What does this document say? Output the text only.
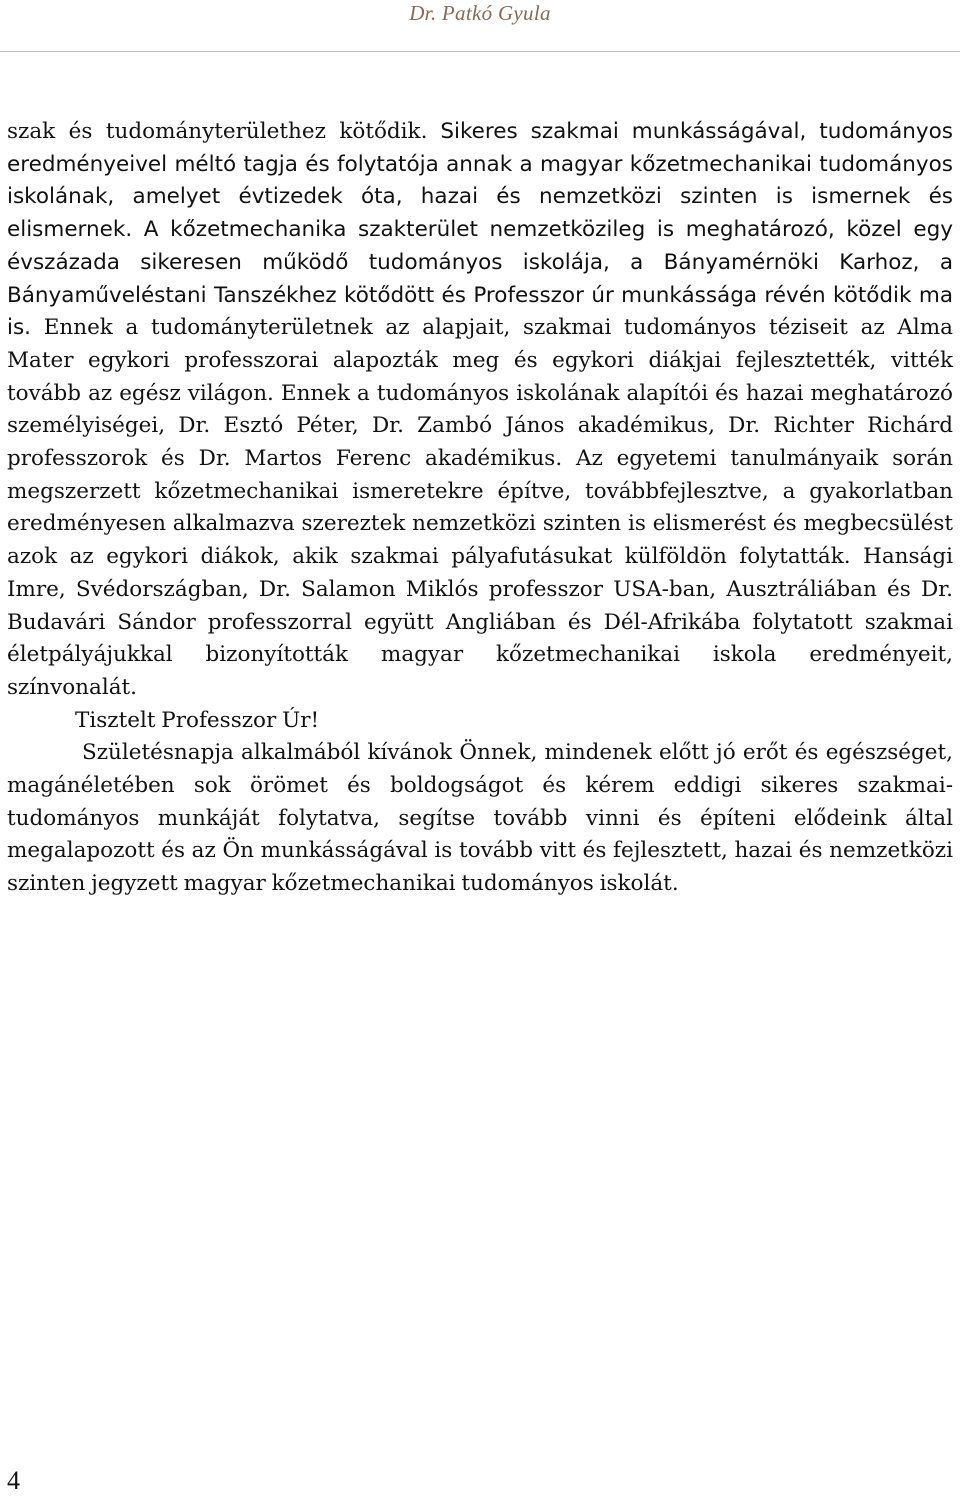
Dr. Patkó Gyula

szak és tudományterülethez kötődik. Sikeres szakmai munkásságával, tudományos eredményeivel méltó tagja és folytatója annak a magyar kőzetmechanikai tudományos iskolának, amelyet évtizedek óta, hazai és nemzetközi szinten is ismernek és elismernek. A kőzetmechanika szakterület nemzetközileg is meghatározó, közel egy évszázada sikeresen működő tudományos iskolája, a Bányamérnöki Karhoz, a Bányaműveléstani Tanszékhez kötődött és Professzor úr munkássága révén kötődik ma is. Ennek a tudományterületnek az alapjait, szakmai tudományos téziseit az Alma Mater egykori professzorai alapozták meg és egykori diákjai fejlesztették, vitték tovább az egész világon. Ennek a tudományos iskolának alapítói és hazai meghatározó személyiségei, Dr. Esztó Péter, Dr. Zambó János akadémikus, Dr. Richter Richárd professzorok és Dr. Martos Ferenc akadémikus. Az egyetemi tanulmányaik során megszerzett kőzetmechanikai ismeretekre építve, továbbfejlesztve, a gyakorlatban eredményesen alkalmazva szereztek nemzetközi szinten is elismerést és megbecsülést azok az egykori diákok, akik szakmai pályafutásukat külföldön folytatták. Hansági Imre, Svédországban, Dr. Salamon Miklós professzor USA-ban, Ausztráliában és Dr. Budavári Sándor professzorral együtt Angliában és Dél-Afrikába folytatott szakmai életpályájukkal bizonyították magyar kőzetmechanikai iskola eredményeit, színvonalát.

Tisztelt Professzor Úr!

Születésnapja alkalmából kívánok Önnek, mindenek előtt jó erőt és egészséget, magánéletében sok örömet és boldogságot és kérem eddigi sikeres szakmai-tudományos munkáját folytatva, segítse tovább vinni és építeni elődeink által megalapozott és az Ön munkásságával is tovább vitt és fejlesztett, hazai és nemzetközi szinten jegyzett magyar kőzetmechanikai tudományos iskolát.

4
